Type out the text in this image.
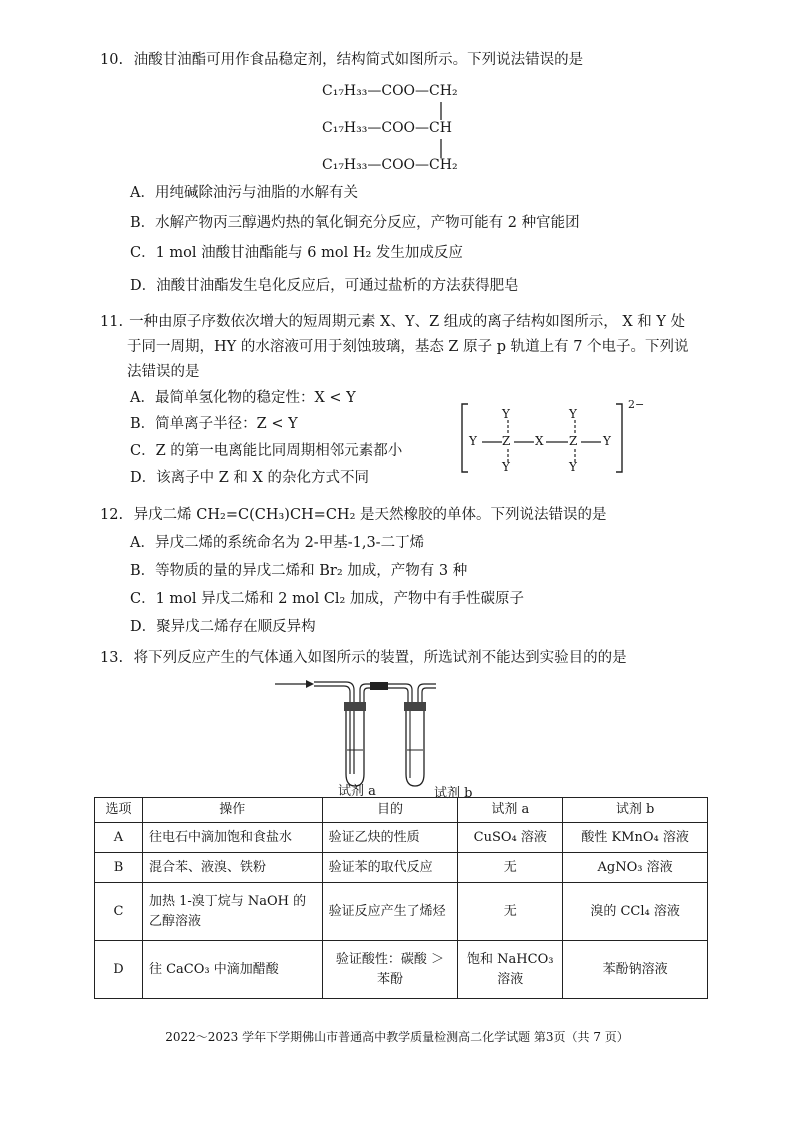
10. 油酸甘油酯可用作食品稳定剂，结构简式如图所示。下列说法错误的是
C₁₇H₃₃—COO—CH₂
C₁₇H₃₃—COO—CH
C₁₇H₃₃—COO—CH₂
A．用纯碱除油污与油脂的水解有关
B．水解产物丙三醇遇灼热的氧化铜充分反应，产物可能有 2 种官能团
C．1 mol 油酸甘油酯能与 6 mol H₂ 发生加成反应
D．油酸甘油酯发生皂化反应后，可通过盐析的方法获得肥皂
11. 一种由原子序数依次增大的短周期元素 X、Y、Z 组成的离子结构如图所示， X 和 Y 处
于同一周期，HY 的水溶液可用于刻蚀玻璃，基态 Z 原子 p 轨道上有 7 个电子。下列说
法错误的是
A．最简单氢化物的稳定性：X < Y
B．简单离子半径：Z < Y
C．Z 的第一电离能比同周期相邻元素都小
D．该离子中 Z 和 X 的杂化方式不同
Y	Y
Y Z X Z Y
Y	Y
2−
12. 异戊二烯 CH₂=C(CH₃)CH=CH₂ 是天然橡胶的单体。下列说法错误的是
A．异戊二烯的系统命名为 2-甲基-1,3-二丁烯
B．等物质的量的异戊二烯和 Br₂ 加成，产物有 3 种
C．1 mol 异戊二烯和 2 mol Cl₂ 加成，产物中有手性碳原子
D．聚异戊二烯存在顺反异构
13. 将下列反应产生的气体通入如图所示的装置，所选试剂不能达到实验目的的是
试剂 a	试剂 b
选项	操作	目的	试剂 a	试剂 b
A	往电石中滴加饱和食盐水	验证乙炔的性质	CuSO₄ 溶液	酸性 KMnO₄ 溶液
B	混合苯、液溴、铁粉	验证苯的取代反应	无	AgNO₃ 溶液
C	加热 1-溴丁烷与 NaOH 的乙醇溶液	验证反应产生了烯烃	无	溴的 CCl₄ 溶液
D	往 CaCO₃ 中滴加醋酸	验证酸性：碳酸 ＞ 苯酚	饱和 NaHCO₃ 溶液	苯酚钠溶液
2022～2023 学年下学期佛山市普通高中教学质量检测高二化学试题 第3页（共 7 页）
